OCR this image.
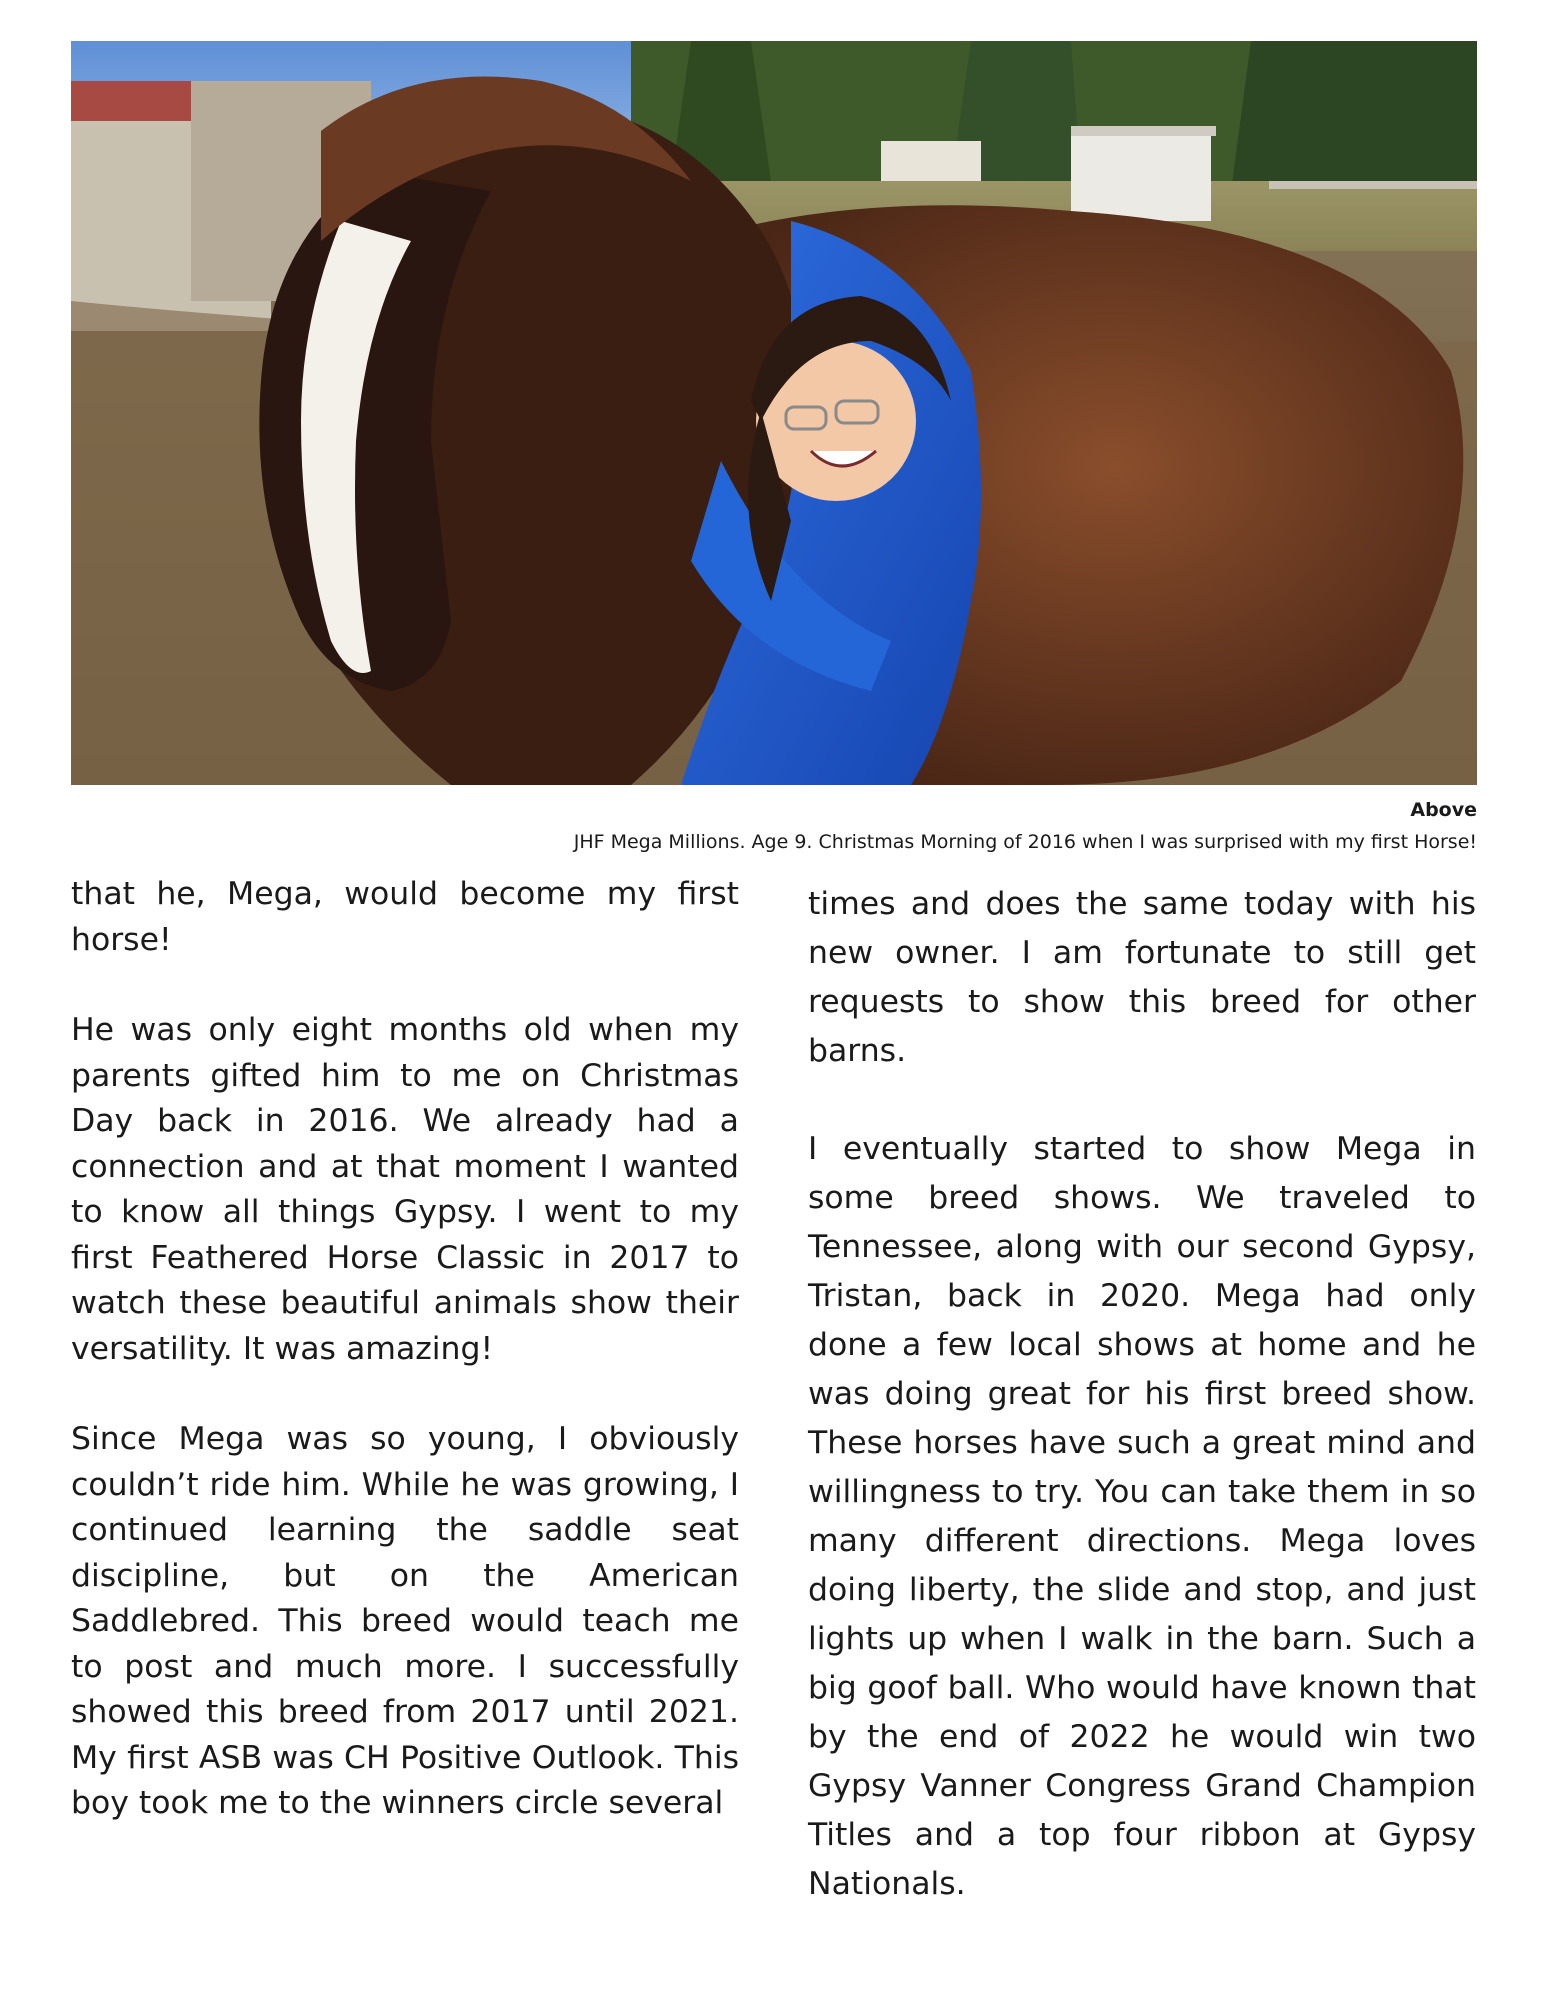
Above
JHF Mega Millions. Age 9. Christmas Morning of 2016 when I was surprised with my first Horse!

that he, Mega, would become my first horse!

He was only eight months old when my parents gifted him to me on Christmas Day back in 2016. We already had a connection and at that moment I wanted to know all things Gypsy. I went to my first Feathered Horse Classic in 2017 to watch these beautiful animals show their versatility. It was amazing!

Since Mega was so young, I obviously couldn’t ride him. While he was growing, I continued learning the saddle seat discipline, but on the American Saddlebred. This breed would teach me to post and much more. I successfully showed this breed from 2017 until 2021. My first ASB was CH Positive Outlook. This boy took me to the winners circle several

times and does the same today with his new owner. I am fortunate to still get requests to show this breed for other barns.

I eventually started to show Mega in some breed shows. We traveled to Tennessee, along with our second Gypsy, Tristan, back in 2020. Mega had only done a few local shows at home and he was doing great for his first breed show. These horses have such a great mind and willingness to try. You can take them in so many different directions. Mega loves doing liberty, the slide and stop, and just lights up when I walk in the barn. Such a big goof ball. Who would have known that by the end of 2022 he would win two Gypsy Vanner Congress Grand Champion Titles and a top four ribbon at Gypsy Nationals.
